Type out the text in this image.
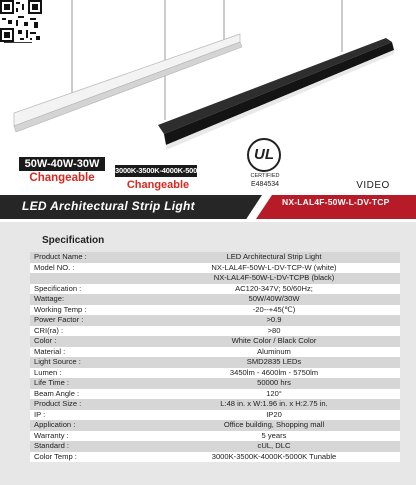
50W-40W-30W
Changeable
3000K-3500K-4000K-5000K
Changeable
UL
CERTIFIED
E484534	VIDEO
LED Architectural Strip Light	NX-LAL4F-50W-L-DV-TCP
Specification
Product Name :	LED Architectural Strip Light
Model NO. :	NX-LAL4F-50W-L-DV-TCP-W (white)
NX-LAL4F-50W-L-DV-TCPB (black)
Specification :	AC120-347V; 50/60Hz;
Wattage:	50W/40W/30W
Working Temp :	-20--+45(℃)
Power Factor :	>0.9
CRI(ra) :	>80
Color :	White Color / Black Color
Material :	Aluminum
Light Source :	SMD2835 LEDs
Lumen :	3450lm - 4600lm - 5750lm
Life Time :	50000 hrs
Beam Angle :	120°
Product Size :	L:48 in. x W:1.96 in. x H:2.75 in.
IP :	IP20
Application :	Office building, Shopping mall
Warranty :	5 years
Standard :	cUL, DLC
Color Temp :	3000K-3500K-4000K-5000K Tunable
